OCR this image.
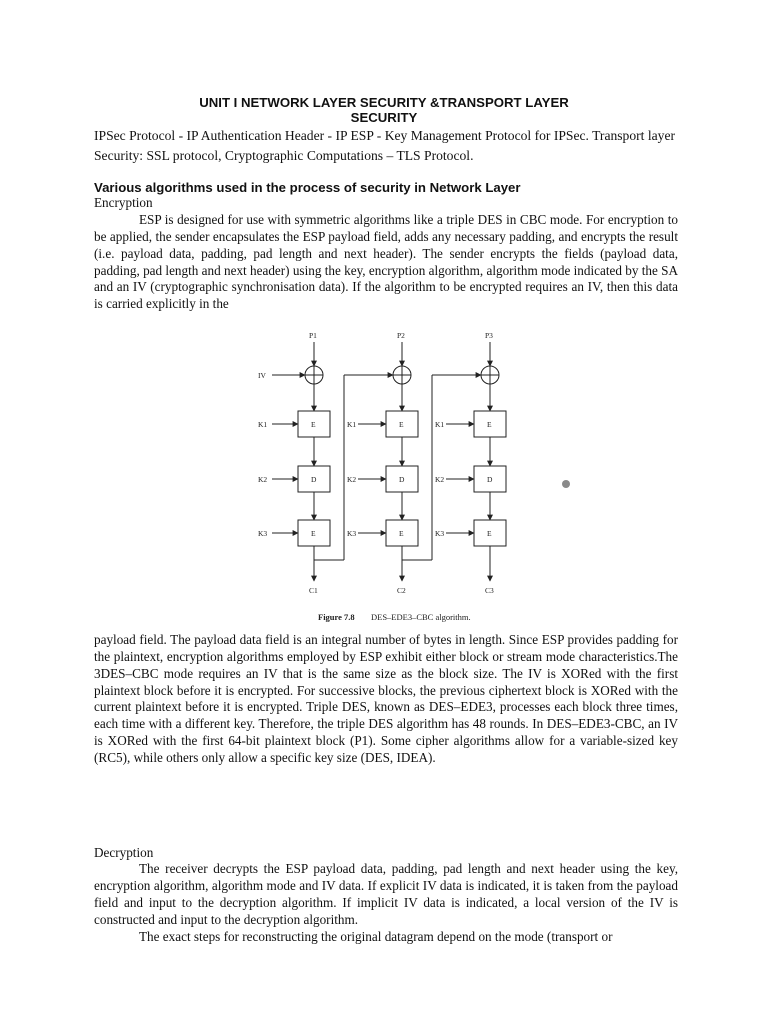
UNIT I NETWORK LAYER SECURITY &TRANSPORT LAYER
SECURITY
IPSec Protocol - IP Authentication Header - IP ESP - Key Management Protocol for IPSec. Transport layer Security: SSL protocol, Cryptographic Computations – TLS Protocol.
Various algorithms used in the process of security in Network Layer
Encryption
ESP is designed for use with symmetric algorithms like a triple DES in CBC mode. For encryption to be applied, the sender encapsulates the ESP payload field, adds any necessary padding, and encrypts the result (i.e. payload data, padding, pad length and next header). The sender encrypts the fields (payload data, padding, pad length and next header) using the key, encryption algorithm, algorithm mode indicated by the SA and an IV (cryptographic synchronisation data). If the algorithm to be encrypted requires an IV, then this data is carried explicitly in the
P1	P2	P3
IV
K1
K2
K3
K1
K2
K3
K1
K2
K3
E
D
E
E
D
E
E
D
E
C1	C2	C3
Figure 7.8 DES–EDE3–CBC algorithm.
payload field. The payload data field is an integral number of bytes in length. Since ESP provides padding for the plaintext, encryption algorithms employed by ESP exhibit either block or stream mode characteristics.The 3DES–CBC mode requires an IV that is the same size as the block size. The IV is XORed with the first plaintext block before it is encrypted. For successive blocks, the previous ciphertext block is XORed with the current plaintext before it is encrypted. Triple DES, known as DES–EDE3, processes each block three times, each time with a different key. Therefore, the triple DES algorithm has 48 rounds. In DES–EDE3-CBC, an IV is XORed with the first 64-bit plaintext block (P1). Some cipher algorithms allow for a variable-sized key (RC5), while others only allow a specific key size (DES, IDEA).
Decryption
The receiver decrypts the ESP payload data, padding, pad length and next header using the key, encryption algorithm, algorithm mode and IV data. If explicit IV data is indicated, it is taken from the payload field and input to the decryption algorithm. If implicit IV data is indicated, a local version of the IV is constructed and input to the decryption algorithm.
The exact steps for reconstructing the original datagram depend on the mode (transport or
